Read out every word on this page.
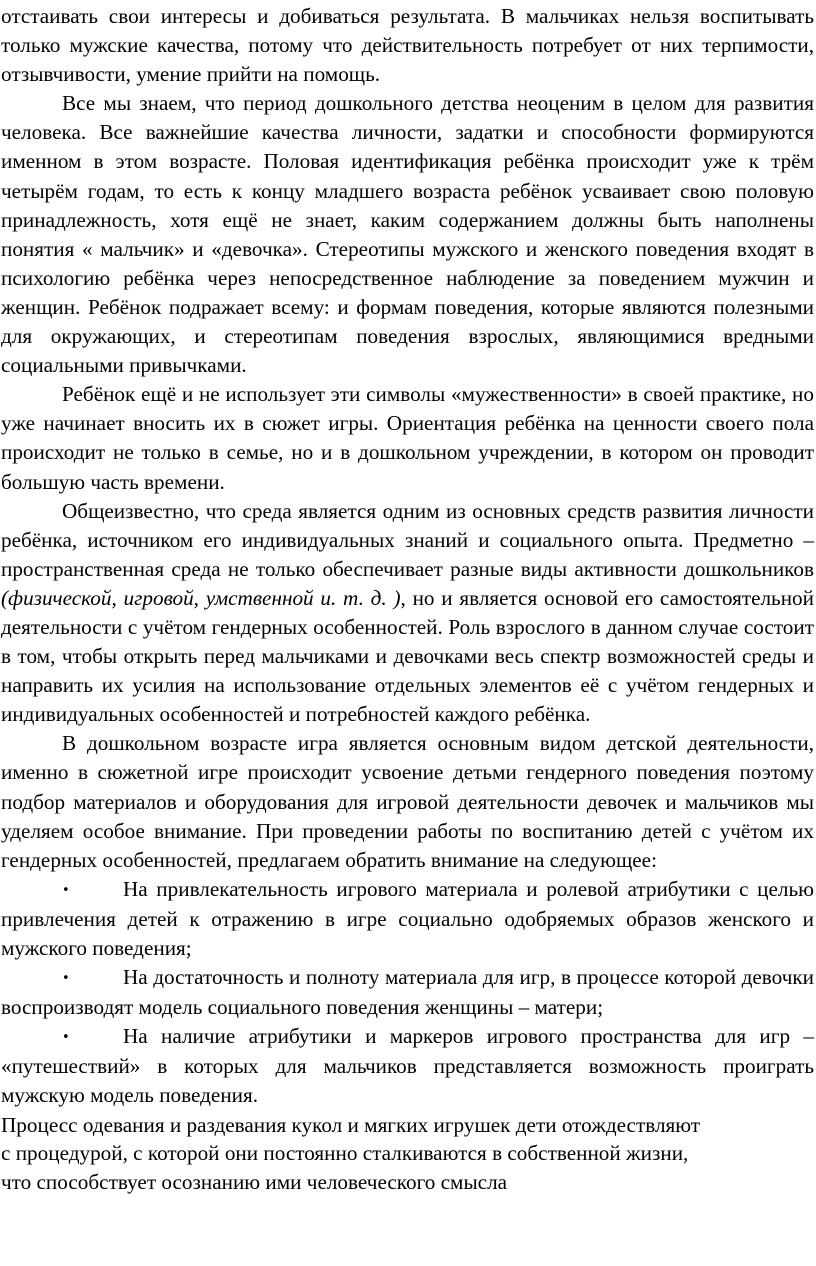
отстаивать свои интересы и добиваться результата. В мальчиках нельзя воспитывать только мужские качества, потому что действительность потребует от них терпимости, отзывчивости, умение прийти на помощь.

Все мы знаем, что период дошкольного детства неоценим в целом для развития человека. Все важнейшие качества личности, задатки и способности формируются именном в этом возрасте. Половая идентификация ребёнка происходит уже к трём четырём годам, то есть к концу младшего возраста ребёнок усваивает свою половую принадлежность, хотя ещё не знает, каким содержанием должны быть наполнены понятия « мальчик» и «девочка». Стереотипы мужского и женского поведения входят в психологию ребёнка через непосредственное наблюдение за поведением мужчин и женщин. Ребёнок подражает всему: и формам поведения, которые являются полезными для окружающих, и стереотипам поведения взрослых, являющимися вредными социальными привычками.

Ребёнок ещё и не использует эти символы «мужественности» в своей практике, но уже начинает вносить их в сюжет игры. Ориентация ребёнка на ценности своего пола происходит не только в семье, но и в дошкольном учреждении, в котором он проводит большую часть времени.

Общеизвестно, что среда является одним из основных средств развития личности ребёнка, источником его индивидуальных знаний и социального опыта. Предметно – пространственная среда не только обеспечивает разные виды активности дошкольников (физической, игровой, умственной и. т. д. ), но и является основой его самостоятельной деятельности с учётом гендерных особенностей. Роль взрослого в данном случае состоит в том, чтобы открыть перед мальчиками и девочками весь спектр возможностей среды и направить их усилия на использование отдельных элементов её с учётом гендерных и индивидуальных особенностей и потребностей каждого ребёнка.

В дошкольном возрасте игра является основным видом детской деятельности, именно в сюжетной игре происходит усвоение детьми гендерного поведения поэтому подбор материалов и оборудования для игровой деятельности девочек и мальчиков мы уделяем особое внимание. При проведении работы по воспитанию детей с учётом их гендерных особенностей, предлагаем обратить внимание на следующее:

•	На привлекательность игрового материала и ролевой атрибутики с целью привлечения детей к отражению в игре социально одобряемых образов женского и мужского поведения;

•	На достаточность и полноту материала для игр, в процессе которой девочки воспроизводят модель социального поведения женщины – матери;

•	На наличие атрибутики и маркеров игрового пространства для игр – «путешествий» в которых для мальчиков представляется возможность проиграть мужскую модель поведения.

Процесс одевания и раздевания кукол и мягких игрушек дети отождествляют
с процедурой, с которой они постоянно сталкиваются в собственной жизни,
что способствует осознанию ими человеческого смысла
